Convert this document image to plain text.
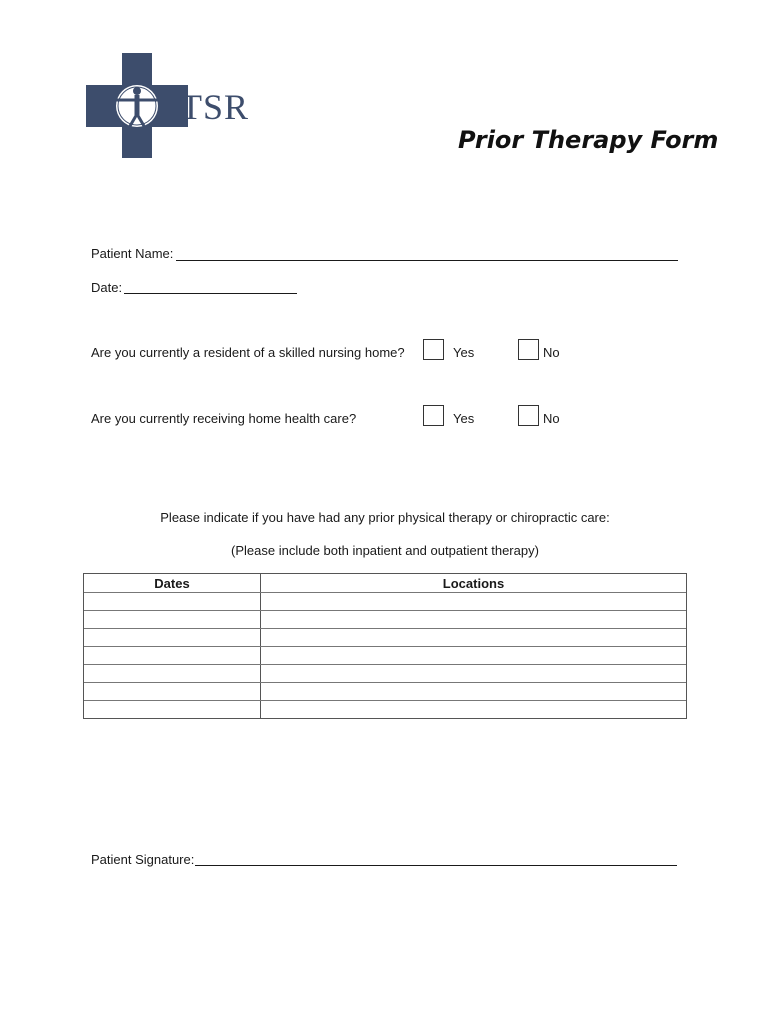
TSR
Prior Therapy Form
Patient Name:
Date:
Are you currently a resident of a skilled nursing home?	Yes	No
Are you currently receiving home health care?	Yes	No
Please indicate if you have had any prior physical therapy or chiropractic care:
(Please include both inpatient and outpatient therapy)
Dates	Locations
Patient Signature:
